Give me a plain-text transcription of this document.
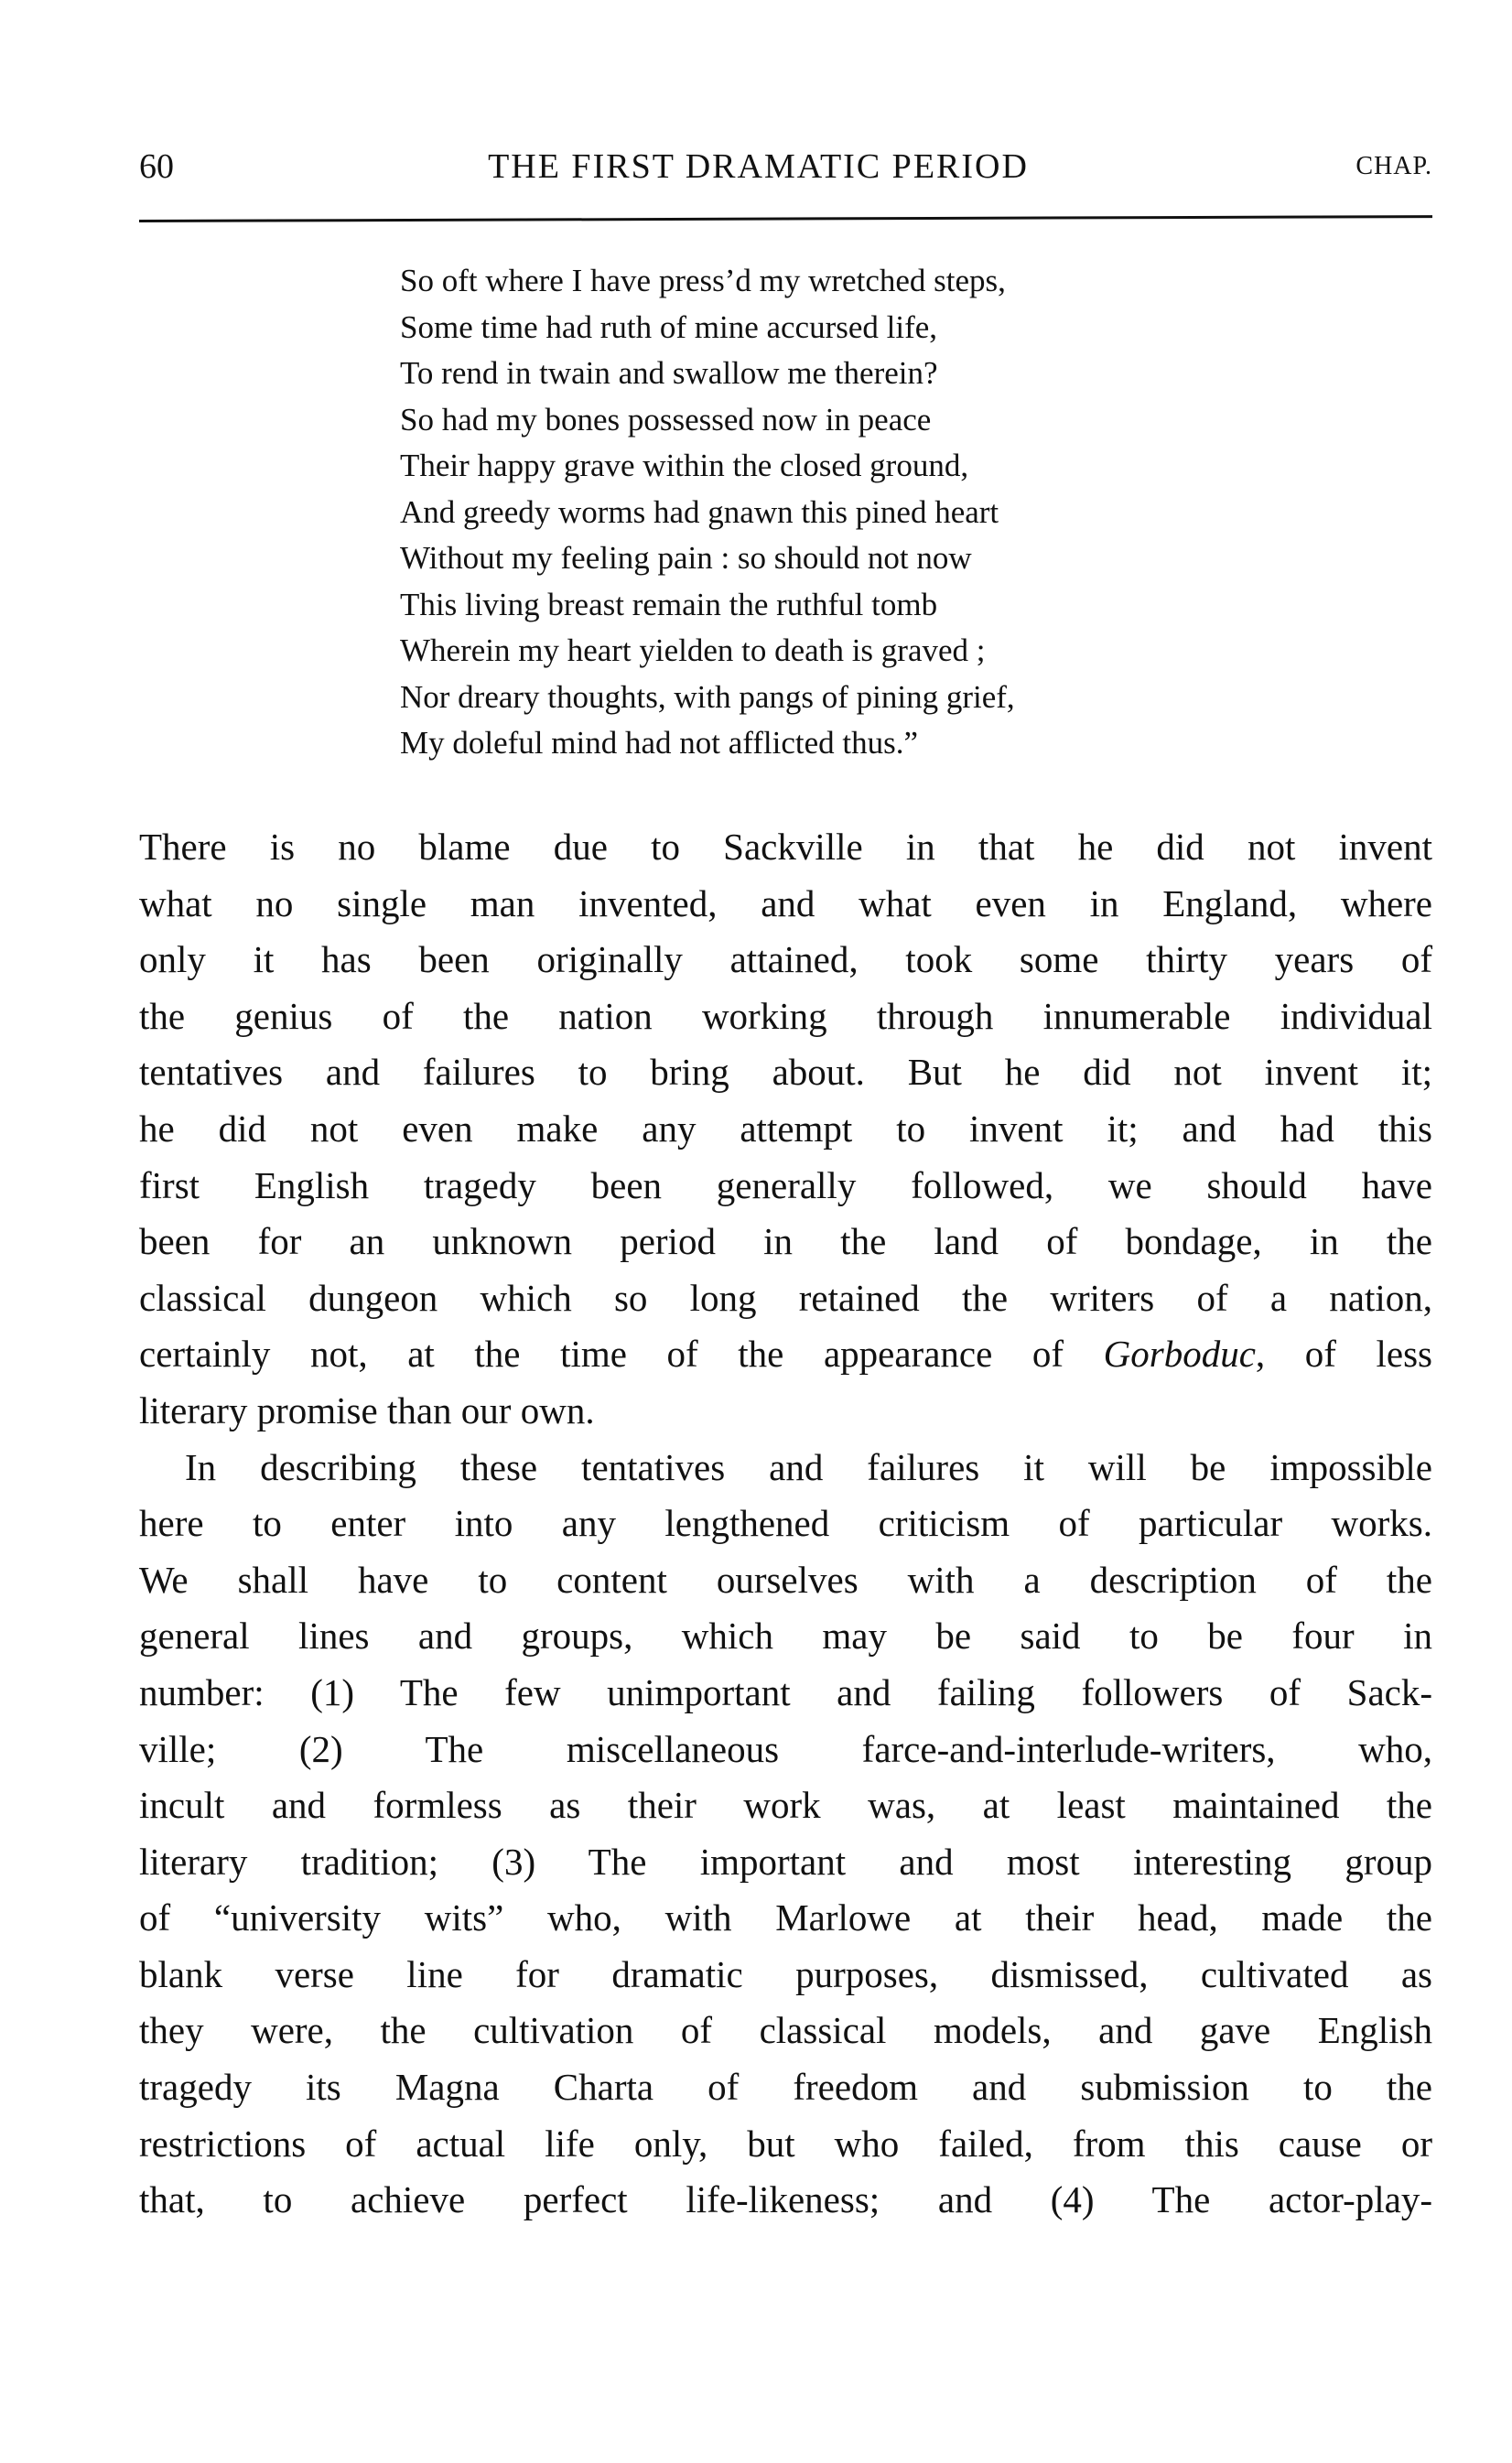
60	THE FIRST DRAMATIC PERIOD	CHAP.
So oft where I have press’d my wretched steps,
Some time had ruth of mine accursed life,
To rend in twain and swallow me therein?
So had my bones possessed now in peace
Their happy grave within the closed ground,
And greedy worms had gnawn this pined heart
Without my feeling pain : so should not now
This living breast remain the ruthful tomb
Wherein my heart yielden to death is graved ;
Nor dreary thoughts, with pangs of pining grief,
My doleful mind had not afflicted thus.”
There is no blame due to Sackville in that he did not invent
what no single man invented, and what even in England, where
only it has been originally attained, took some thirty years of
the genius of the nation working through innumerable individual
tentatives and failures to bring about. But he did not invent it;
he did not even make any attempt to invent it; and had this
first English tragedy been generally followed, we should have
been for an unknown period in the land of bondage, in the
classical dungeon which so long retained the writers of a nation,
certainly not, at the time of the appearance of Gorboduc, of less
literary promise than our own.
In describing these tentatives and failures it will be impossible
here to enter into any lengthened criticism of particular works.
We shall have to content ourselves with a description of the
general lines and groups, which may be said to be four in
number: (1) The few unimportant and failing followers of Sack-
ville; (2) The miscellaneous farce-and-interlude-writers, who,
incult and formless as their work was, at least maintained the
literary tradition; (3) The important and most interesting group
of “university wits” who, with Marlowe at their head, made the
blank verse line for dramatic purposes, dismissed, cultivated as
they were, the cultivation of classical models, and gave English
tragedy its Magna Charta of freedom and submission to the
restrictions of actual life only, but who failed, from this cause or
that, to achieve perfect life-likeness; and (4) The actor-play-
